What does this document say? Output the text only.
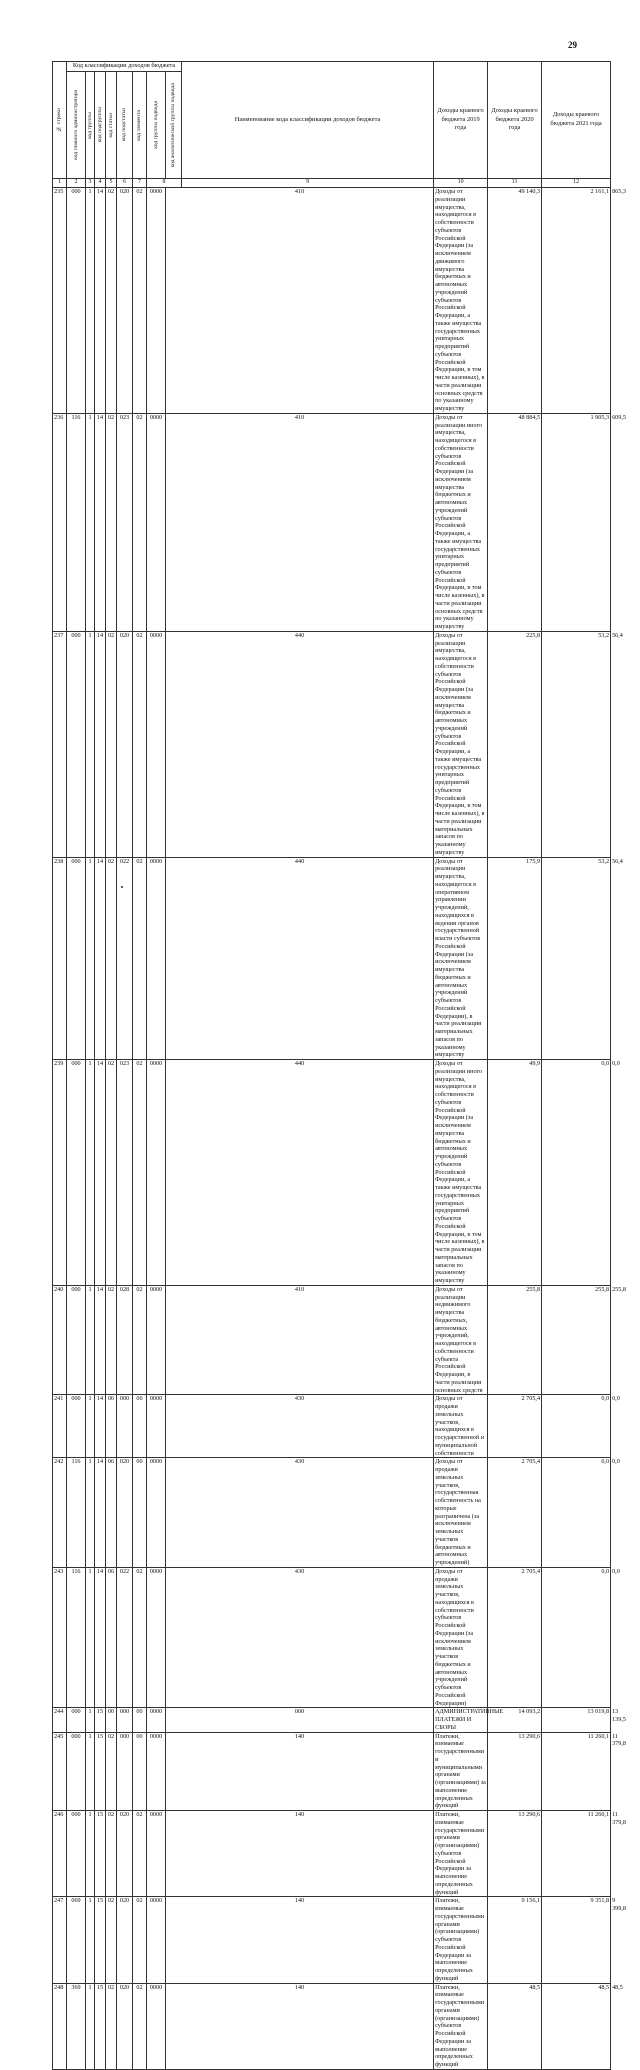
29
№ строки	Код классификации доходов бюджета								Наименование кода классификации доходов бюджета	Доходы краевого бюджета 2019 года	Доходы краевого бюджета 2020 года	Доходы краевого бюджета 2021 года	

	код главного администратора	код группы	код подгруппы	код статьи	код подстатьи	код элемента	код группы подвида	код аналитической группы подвида					

1	2	3	4	5	6	7	8		9	10	11	12	
235	000	1	14	02	020	02	0000	410		Доходы от реализации имущества, находящегося в собственности субъектов Российской Федерации (за исключением движимого имущества бюджетных и автономных учреждений субъектов Российской Федерации, а также имущества государственных унитарных предприятий субъектов Российской Федерации, в том числе казенных), в части реализации основных средств по указанному имуществу	49 140,3	2 161,1	865,3
236	116	1	14	02	023	02	0000	410		Доходы от реализации иного имущества, находящегося в собственности субъектов Российской Федерации (за исключением имущества бюджетных и автономных учреждений субъектов Российской Федерации, а также имущества государственных унитарных предприятий субъектов Российской Федерации, в том числе казенных), в части реализации основных средств по указанному имуществу	48 884,5	1 905,3	609,5
237	000	1	14	02	020	02	0000	440		Доходы от реализации имущества, находящегося в собственности субъектов Российской Федерации (за исключением имущества бюджетных и автономных учреждений субъектов Российской Федерации, а также имущества государственных унитарных предприятий субъектов Российской Федерации, в том числе казенных), в части реализации материальных запасов по указанному имуществу	225,8	53,2	56,4
238	000	1	14	02	022	02	0000	440		Доходы от реализации имущества, находящегося в оперативном управлении учреждений, находящихся в ведении органов государственной власти субъектов Российской Федерации (за исключением имущества бюджетных и автономных учреждений субъектов Российской Федерации), в части реализации материальных запасов по указанному имуществу	175,9	53,2	56,4
239	000	1	14	02	023	02	0000	440		Доходы от реализации иного имущества, находящегося в собственности субъектов Российской Федерации (за исключением имущества бюджетных и автономных учреждений субъектов Российской Федерации, а также имущества государственных унитарных предприятий субъектов Российской Федерации, в том числе казенных), в части реализации материальных запасов по указанному имуществу	49,9	0,0	0,0
240	000	1	14	02	028	02	0000	410		Доходы от реализации недвижимого имущества бюджетных, автономных учреждений, находящегося в собственности субъекта Российской Федерации, в части реализации основных средств	255,8	255,8	255,8
241	000	1	14	06	000	00	0000	430		Доходы от продажи земельных участков, находящихся в государственной и муниципальной собственности	2 705,4	0,0	0,0
242	116	1	14	06	020	00	0000	430		Доходы от продажи земельных участков, государственная собственность на которые разграничена (за исключением земельных участков бюджетных и автономных учреждений)	2 705,4	0,0	0,0
243	116	1	14	06	022	02	0000	430		Доходы от продажи земельных участков, находящихся в собственности субъектов Российской Федерации (за исключением земельных участков бюджетных и автономных учреждений субъектов Российской Федерации)	2 705,4	0,0	0,0
244	000	1	15	00	000	00	0000	000		АДМИНИСТРАТИВНЫЕ ПЛАТЕЖИ И СБОРЫ	14 093,2	13 019,8	13 139,5
245	000	1	15	02	000	00	0000	140		Платежи, взимаемые государственными и муниципальными органами (организациями) за выполнение определенных функций	13 290,6	11 260,1	11 379,8
246	000	1	15	02	020	02	0000	140		Платежи, взимаемые государственными органами (организациями) субъектов Российской Федерации за выполнение определенных функций	13 290,6	11 260,1	11 379,8
247	069	1	15	02	020	02	0000	140		Платежи, взимаемые государственными органами (организациями) субъектов Российской Федерации за выполнение определенных функций	9 156,1	9 351,8	9 399,8
248	369	1	15	02	020	02	0000	140		Платежи, взимаемые государственными органами (организациями) субъектов Российской Федерации за выполнение определенных функций	48,5	48,5	48,5
